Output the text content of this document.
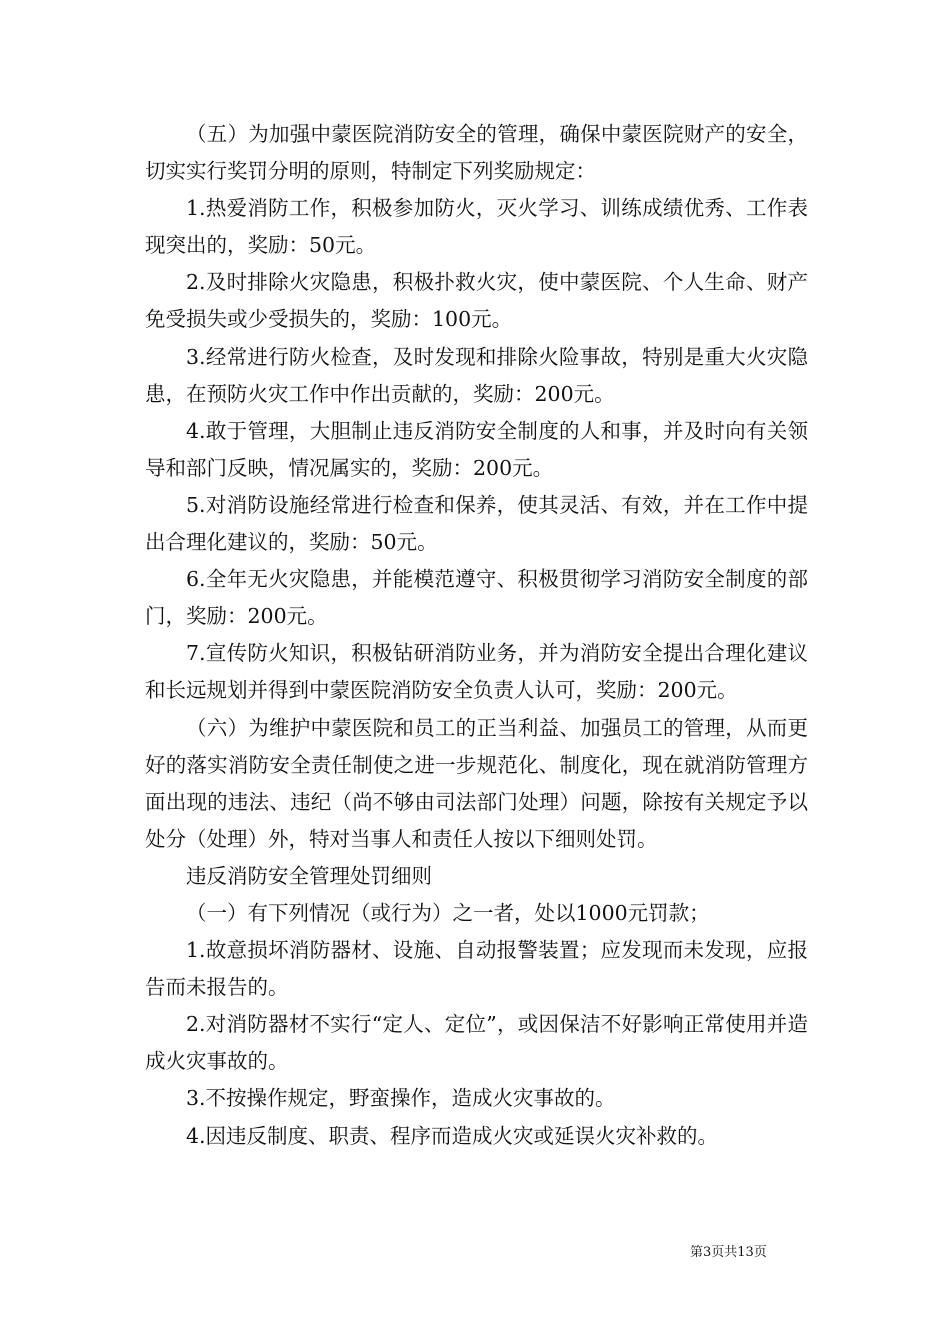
（五）为加强中蒙医院消防安全的管理，确保中蒙医院财产的安全，切实实行奖罚分明的原则，特制定下列奖励规定：

1.热爱消防工作，积极参加防火，灭火学习、训练成绩优秀、工作表现突出的，奖励：50元。

2.及时排除火灾隐患，积极扑救火灾，使中蒙医院、个人生命、财产免受损失或少受损失的，奖励：100元。

3.经常进行防火检查，及时发现和排除火险事故，特别是重大火灾隐患，在预防火灾工作中作出贡献的，奖励：200元。

4.敢于管理，大胆制止违反消防安全制度的人和事，并及时向有关领导和部门反映，情况属实的，奖励：200元。

5.对消防设施经常进行检查和保养，使其灵活、有效，并在工作中提出合理化建议的，奖励：50元。

6.全年无火灾隐患，并能模范遵守、积极贯彻学习消防安全制度的部门，奖励：200元。

7.宣传防火知识，积极钻研消防业务，并为消防安全提出合理化建议和长远规划并得到中蒙医院消防安全负责人认可，奖励：200元。

（六）为维护中蒙医院和员工的正当利益、加强员工的管理，从而更好的落实消防安全责任制使之进一步规范化、制度化，现在就消防管理方面出现的违法、违纪（尚不够由司法部门处理）问题，除按有关规定予以处分（处理）外，特对当事人和责任人按以下细则处罚。

违反消防安全管理处罚细则

（一）有下列情况（或行为）之一者，处以1000元罚款；

1.故意损坏消防器材、设施、自动报警装置；应发现而未发现，应报告而未报告的。

2.对消防器材不实行“定人、定位”，或因保洁不好影响正常使用并造成火灾事故的。

3.不按操作规定，野蛮操作，造成火灾事故的。

4.因违反制度、职责、程序而造成火灾或延误火灾补救的。

第3页共13页
